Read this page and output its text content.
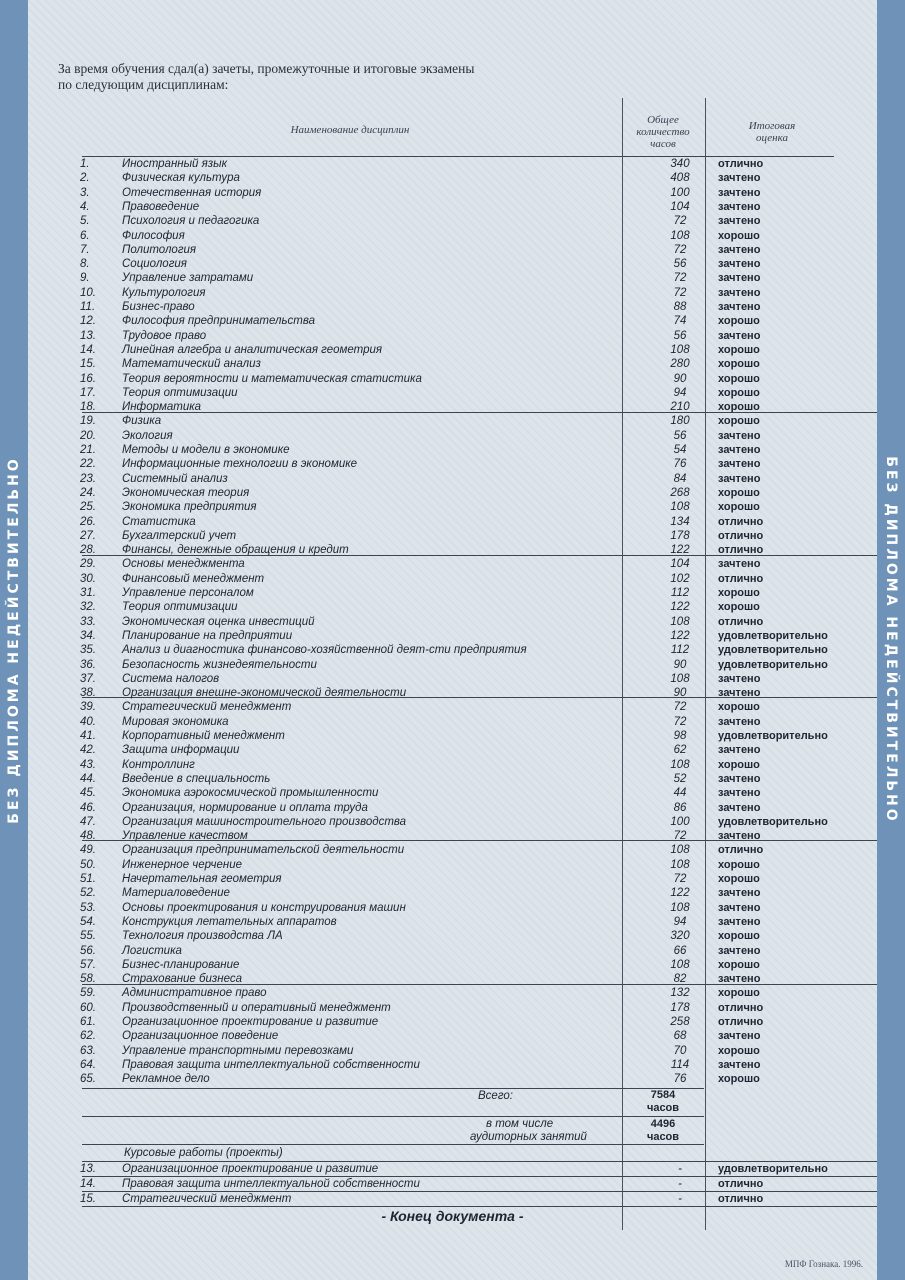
БЕЗ ДИПЛОМА НЕДЕЙСТВИТЕЛЬНО	БЕЗ ДИПЛОМА НЕДЕЙСТВИТЕЛЬНО
За время обучения сдал(а) зачеты, промежуточные и итоговые экзамены
по следующим дисциплинам:
Наименование дисциплин
Общее
количество
часов
Итоговая
оценка
1.	Иностранный язык	340	отлично
2.	Физическая культура	408	зачтено
3.	Отечественная история	100	зачтено
4.	Правоведение	104	зачтено
5.	Психология и педагогика	72	зачтено
6.	Философия	108	хорошо
7.	Политология	72	зачтено
8.	Социология	56	зачтено
9.	Управление затратами	72	зачтено
10.	Культурология	72	зачтено
11.	Бизнес-право	88	зачтено
12.	Философия предпринимательства	74	хорошо
13.	Трудовое право	56	зачтено
14.	Линейная алгебра и аналитическая геометрия	108	хорошо
15.	Математический анализ	280	хорошо
16.	Теория вероятности и математическая статистика	90	хорошо
17.	Теория оптимизации	94	хорошо
18.	Информатика	210	хорошо
19.	Физика	180	хорошо
20.	Экология	56	зачтено
21.	Методы и модели в экономике	54	зачтено
22.	Информационные технологии в экономике	76	зачтено
23.	Системный анализ	84	зачтено
24.	Экономическая теория	268	хорошо
25.	Экономика предприятия	108	хорошо
26.	Статистика	134	отлично
27.	Бухгалтерский учет	178	отлично
28.	Финансы, денежные обращения и кредит	122	отлично
29.	Основы менеджмента	104	зачтено
30.	Финансовый менеджмент	102	отлично
31.	Управление персоналом	112	хорошо
32.	Теория оптимизации	122	хорошо
33.	Экономическая оценка инвестиций	108	отлично
34.	Планирование на предприятии	122	удовлетворительно
35.	Анализ и диагностика финансово-хозяйственной деят-сти предприятия	112	удовлетворительно
36.	Безопасность жизнедеятельности	90	удовлетворительно
37.	Система налогов	108	зачтено
38.	Организация внешне-экономической деятельности	90	зачтено
39.	Стратегический менеджмент	72	хорошо
40.	Мировая экономика	72	зачтено
41.	Корпоративный менеджмент	98	удовлетворительно
42.	Защита информации	62	зачтено
43.	Контроллинг	108	хорошо
44.	Введение в специальность	52	зачтено
45.	Экономика аэрокосмической промышленности	44	зачтено
46.	Организация, нормирование и оплата труда	86	зачтено
47.	Организация машиностроительного производства	100	удовлетворительно
48.	Управление качеством	72	зачтено
49.	Организация предпринимательской деятельности	108	отлично
50.	Инженерное черчение	108	хорошо
51.	Начертательная геометрия	72	хорошо
52.	Материаловедение	122	зачтено
53.	Основы проектирования и конструирования машин	108	зачтено
54.	Конструкция летательных аппаратов	94	зачтено
55.	Технология производства ЛА	320	хорошо
56.	Логистика	66	зачтено
57.	Бизнес-планирование	108	хорошо
58.	Страхование бизнеса	82	зачтено
59.	Административное право	132	хорошо
60.	Производственный и оперативный менеджмент	178	отлично
61.	Организационное проектирование и развитие	258	отлично
62.	Организационное поведение	68	зачтено
63.	Управление транспортными перевозками	70	хорошо
64.	Правовая защита интеллектуальной собственности	114	зачтено
65.	Рекламное дело	76	хорошо
Всего:	7584
часов
в том числе
аудиторных занятий
4496
часов
Курсовые работы (проекты)
13.	Организационное проектирование и развитие	-	удовлетворительно
14.	Правовая защита интеллектуальной собственности	-	отлично
15.	Стратегический менеджмент	-	отлично
- Конец документа -
МПФ Гознака. 1996.
